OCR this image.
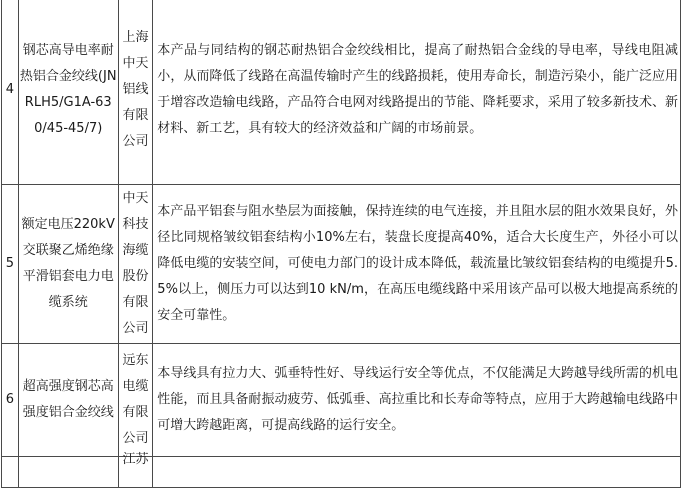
4	钢芯高导电率耐热铝合金绞线(JNRLH5/G1A-630/45-45/7)	上海中天铝线有限公司	本产品与同结构的钢芯耐热铝合金绞线相比，提高了耐热铝合金线的导电率，导线电阻减小，从而降低了线路在高温传输时产生的线路损耗，使用寿命长，制造污染小，能广泛应用于增容改造输电线路，产品符合电网对线路提出的节能、降耗要求，采用了较多新技术、新材料、新工艺，具有较大的经济效益和广阔的市场前景。
5	额定电压220kV交联聚乙烯绝缘平滑铝套电力电缆系统	中天科技海缆股份有限公司	本产品平铝套与阻水垫层为面接触，保持连续的电气连接，并且阻水层的阻水效果良好，外径比同规格皱纹铝套结构小10%左右，装盘长度提高40%，适合大长度生产，外径小可以降低电缆的安装空间，可使电力部门的设计成本降低，载流量比皱纹铝套结构的电缆提升5.5%以上，侧压力可以达到10 kN/m，在高压电缆线路中采用该产品可以极大地提高系统的安全可靠性。
6	超高强度钢芯高强度铝合金绞线	远东电缆有限公司	本导线具有拉力大、弧垂特性好、导线运行安全等优点，不仅能满足大跨越导线所需的机电性能，而且具备耐振动疲劳、低弧垂、高拉重比和长寿命等特点，应用于大跨越输电线路中可增大跨越距离，可提高线路的运行安全。

		江苏	
